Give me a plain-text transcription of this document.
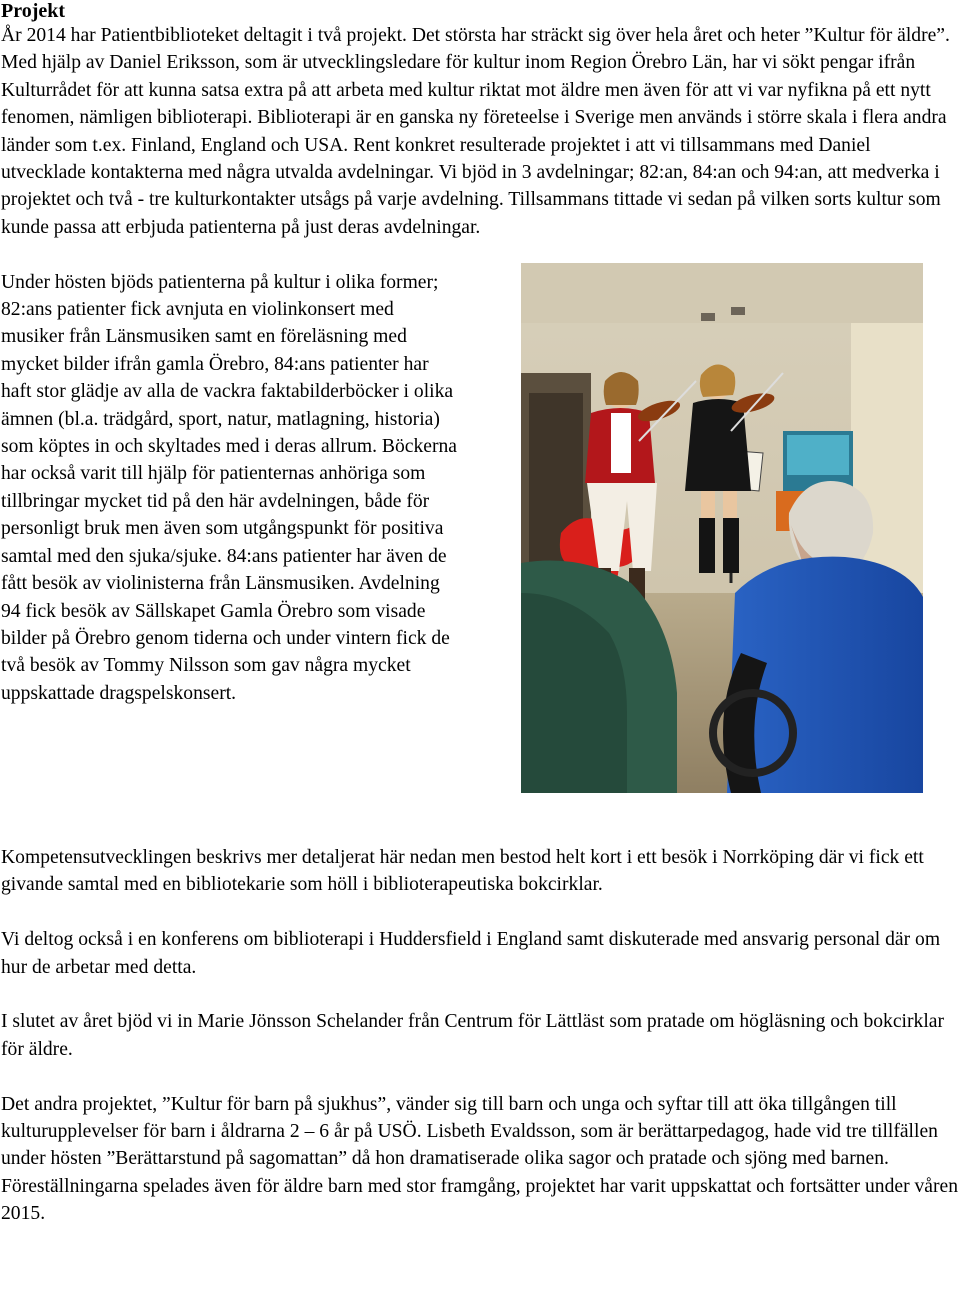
Projekt

År 2014 har Patientbiblioteket deltagit i två projekt. Det största har sträckt sig över hela året och heter ”Kultur för äldre”. Med hjälp av Daniel Eriksson, som är utvecklingsledare för kultur inom Region Örebro Län, har vi sökt pengar ifrån Kulturrådet för att kunna satsa extra på att arbeta med kultur riktat mot äldre men även för att vi var nyfikna på ett nytt fenomen, nämligen biblioterapi. Biblioterapi är en ganska ny företeelse i Sverige men används i större skala i flera andra länder som t.ex. Finland, England och USA. Rent konkret resulterade projektet i att vi tillsammans med Daniel utvecklade kontakterna med några utvalda avdelningar. Vi bjöd in 3 avdelningar; 82:an, 84:an och 94:an, att medverka i projektet och två - tre kulturkontakter utsågs på varje avdelning. Tillsammans tittade vi sedan på vilken sorts kultur som kunde passa att erbjuda patienterna på just deras avdelningar.

Under hösten bjöds patienterna på kultur i olika former; 82:ans patienter fick avnjuta en violinkonsert med musiker från Länsmusiken samt en föreläsning med mycket bilder ifrån gamla Örebro, 84:ans patienter har haft stor glädje av alla de vackra faktabilderböcker i olika ämnen (bl.a. trädgård, sport, natur, matlagning, historia) som köptes in och skyltades med i deras allrum. Böckerna har också varit till hjälp för patienternas anhöriga som tillbringar mycket tid på den här avdelningen, både för personligt bruk men även som utgångspunkt för positiva samtal med den sjuka/sjuke. 84:ans patienter har även de fått besök av violinisterna från Länsmusiken. Avdelning 94 fick besök av Sällskapet Gamla Örebro som visade bilder på Örebro genom tiderna och under vintern fick de två besök av Tommy Nilsson som gav några mycket uppskattade dragspelskonsert.

Kompetensutvecklingen beskrivs mer detaljerat här nedan men bestod helt kort i ett besök i Norrköping där vi fick ett givande samtal med en bibliotekarie som höll i biblioterapeutiska bokcirklar.

Vi deltog också i en konferens om biblioterapi i Huddersfield i England samt diskuterade med ansvarig personal där om hur de arbetar med detta.

I slutet av året bjöd vi in Marie Jönsson Schelander från Centrum för Lättläst som pratade om högläsning och bokcirklar för äldre.

Det andra projektet, ”Kultur för barn på sjukhus”, vänder sig till barn och unga och syftar till att öka tillgången till kulturupplevelser för barn i åldrarna 2 – 6 år på USÖ. Lisbeth Evaldsson, som är berättarpedagog, hade vid tre tillfällen under hösten ”Berättarstund på sagomattan” då hon dramatiserade olika sagor och pratade och sjöng med barnen. Föreställningarna spelades även för äldre barn med stor framgång, projektet har varit uppskattat och fortsätter under våren 2015.
